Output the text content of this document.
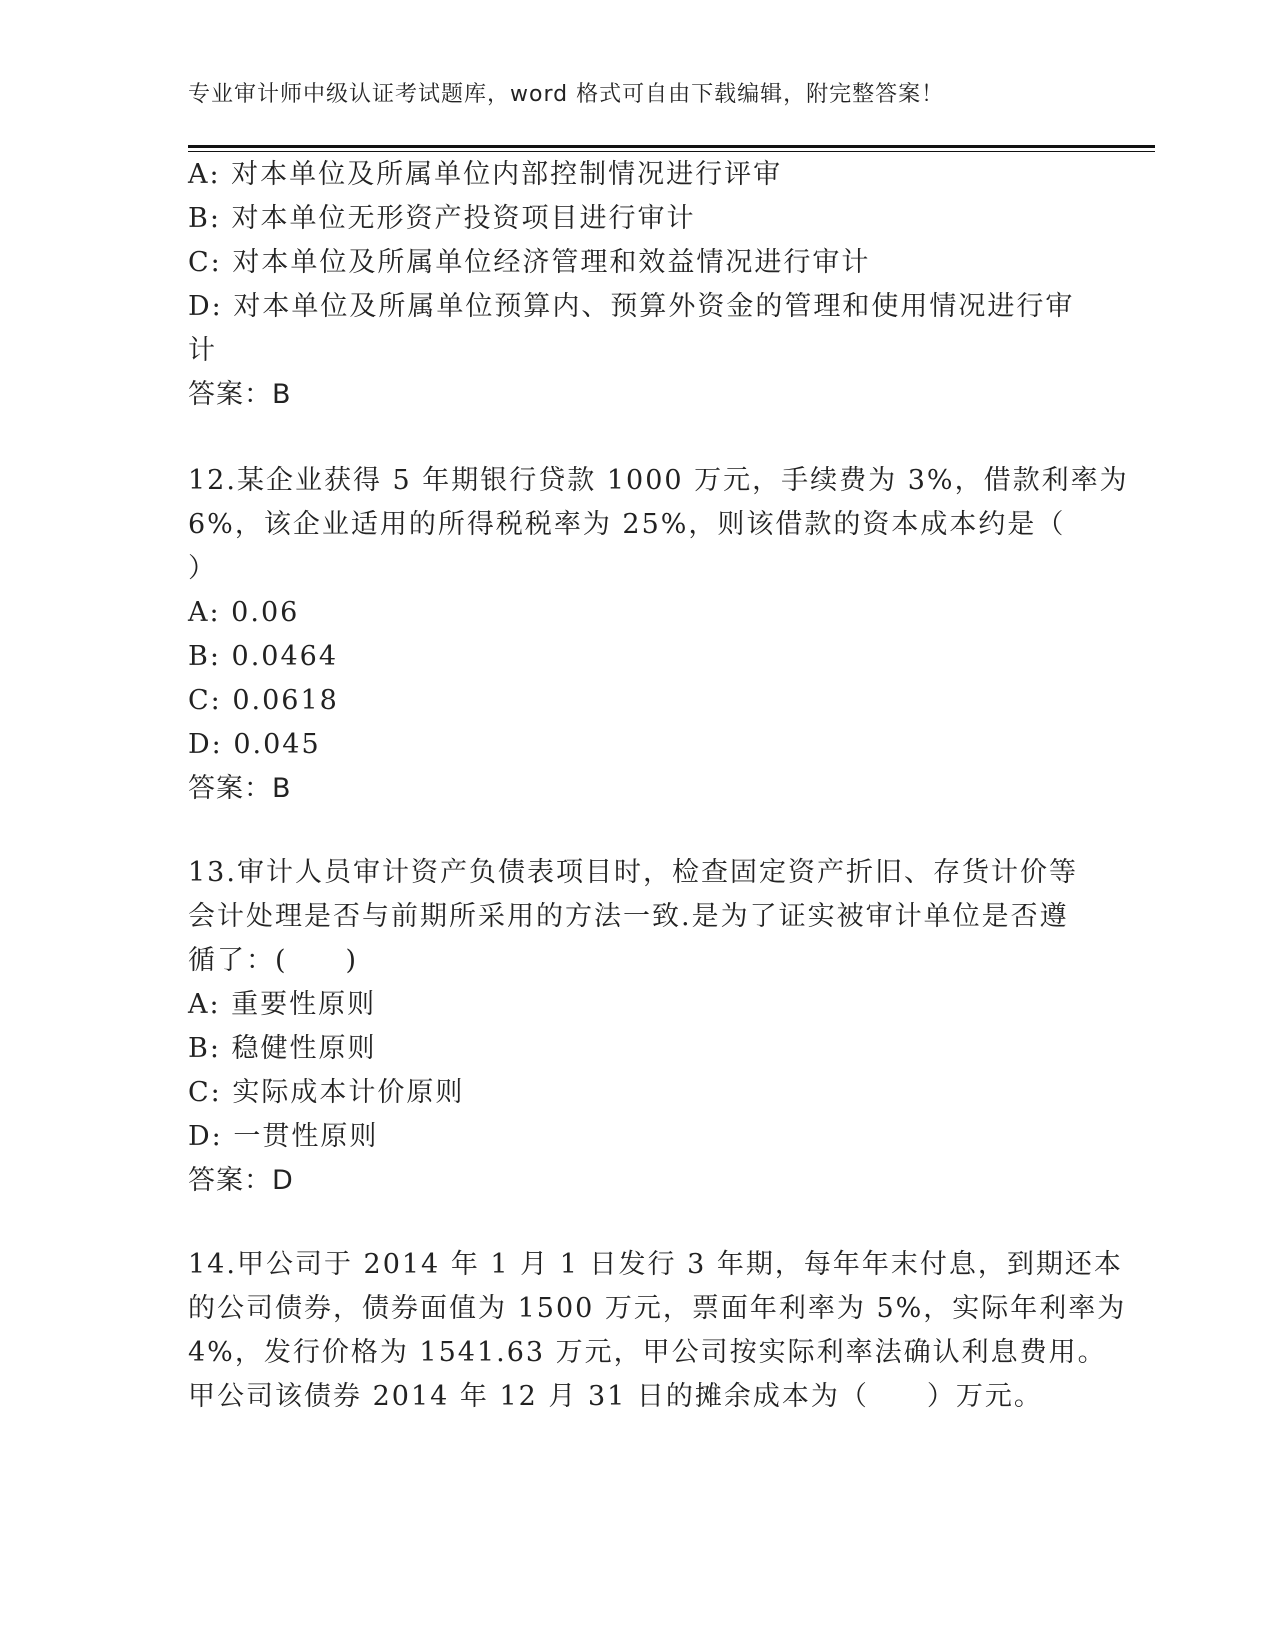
专业审计师中级认证考试题库，word 格式可自由下载编辑，附完整答案！
A: 对本单位及所属单位内部控制情况进行评审
B: 对本单位无形资产投资项目进行审计
C: 对本单位及所属单位经济管理和效益情况进行审计
D: 对本单位及所属单位预算内、预算外资金的管理和使用情况进行审
计
答案：B
12.某企业获得 5 年期银行贷款 1000 万元，手续费为 3%，借款利率为
6%，该企业适用的所得税税率为 25%，则该借款的资本成本约是（
）
A: 0.06
B: 0.0464
C: 0.0618
D: 0.045
答案：B
13.审计人员审计资产负债表项目时，检查固定资产折旧、存货计价等
会计处理是否与前期所采用的方法一致.是为了证实被审计单位是否遵
循了：(　　)
A: 重要性原则
B: 稳健性原则
C: 实际成本计价原则
D: 一贯性原则
答案：D
14.甲公司于 2014 年 1 月 1 日发行 3 年期，每年年末付息，到期还本
的公司债券，债券面值为 1500 万元，票面年利率为 5%，实际年利率为
4%，发行价格为 1541.63 万元，甲公司按实际利率法确认利息费用。
甲公司该债券 2014 年 12 月 31 日的摊余成本为（　　）万元。
